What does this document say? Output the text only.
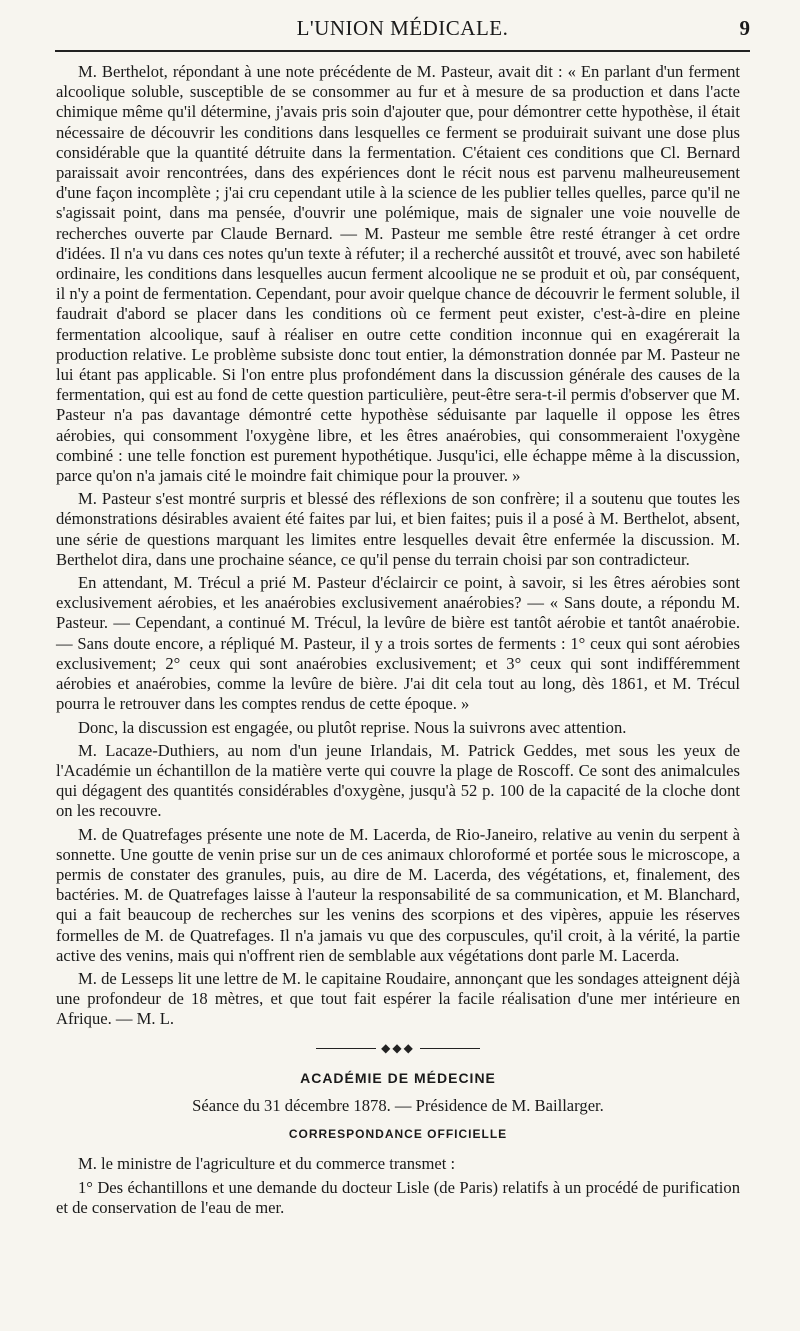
L'UNION MÉDICALE.	9

M. Berthelot, répondant à une note précédente de M. Pasteur, avait dit : « En parlant d'un ferment alcoolique soluble, susceptible de se consommer au fur et à mesure de sa production et dans l'acte chimique même qu'il détermine, j'avais pris soin d'ajouter que, pour démontrer cette hypothèse, il était nécessaire de découvrir les conditions dans lesquelles ce ferment se produirait suivant une dose plus considérable que la quantité détruite dans la fermentation. C'étaient ces conditions que Cl. Bernard paraissait avoir rencontrées, dans des expériences dont le récit nous est parvenu malheureusement d'une façon incomplète ; j'ai cru cependant utile à la science de les publier telles quelles, parce qu'il ne s'agissait point, dans ma pensée, d'ouvrir une polémique, mais de signaler une voie nouvelle de recherches ouverte par Claude Bernard. — M. Pasteur me semble être resté étranger à cet ordre d'idées. Il n'a vu dans ces notes qu'un texte à réfuter; il a recherché aussitôt et trouvé, avec son habileté ordinaire, les conditions dans lesquelles aucun ferment alcoolique ne se produit et où, par conséquent, il n'y a point de fermentation. Cependant, pour avoir quelque chance de découvrir le ferment soluble, il faudrait d'abord se placer dans les conditions où ce ferment peut exister, c'est-à-dire en pleine fermentation alcoolique, sauf à réaliser en outre cette condition inconnue qui en exagérerait la production relative. Le problème subsiste donc tout entier, la démonstration donnée par M. Pasteur ne lui étant pas applicable. Si l'on entre plus profondément dans la discussion générale des causes de la fermentation, qui est au fond de cette question particulière, peut-être sera-t-il permis d'observer que M. Pasteur n'a pas davantage démontré cette hypothèse séduisante par laquelle il oppose les êtres aérobies, qui consomment l'oxygène libre, et les êtres anaérobies, qui consommeraient l'oxygène combiné : une telle fonction est purement hypothétique. Jusqu'ici, elle échappe même à la discussion, parce qu'on n'a jamais cité le moindre fait chimique pour la prouver. »

M. Pasteur s'est montré surpris et blessé des réflexions de son confrère; il a soutenu que toutes les démonstrations désirables avaient été faites par lui, et bien faites; puis il a posé à M. Berthelot, absent, une série de questions marquant les limites entre lesquelles devait être enfermée la discussion. M. Berthelot dira, dans une prochaine séance, ce qu'il pense du terrain choisi par son contradicteur.

En attendant, M. Trécul a prié M. Pasteur d'éclaircir ce point, à savoir, si les êtres aérobies sont exclusivement aérobies, et les anaérobies exclusivement anaérobies? — « Sans doute, a répondu M. Pasteur. — Cependant, a continué M. Trécul, la levûre de bière est tantôt aérobie et tantôt anaérobie. — Sans doute encore, a répliqué M. Pasteur, il y a trois sortes de ferments : 1° ceux qui sont aérobies exclusivement; 2° ceux qui sont anaérobies exclusivement; et 3° ceux qui sont indifféremment aérobies et anaérobies, comme la levûre de bière. J'ai dit cela tout au long, dès 1861, et M. Trécul pourra le retrouver dans les comptes rendus de cette époque. »

Donc, la discussion est engagée, ou plutôt reprise. Nous la suivrons avec attention.

M. Lacaze-Duthiers, au nom d'un jeune Irlandais, M. Patrick Geddes, met sous les yeux de l'Académie un échantillon de la matière verte qui couvre la plage de Roscoff. Ce sont des animalcules qui dégagent des quantités considérables d'oxygène, jusqu'à 52 p. 100 de la capacité de la cloche dont on les recouvre.

M. de Quatrefages présente une note de M. Lacerda, de Rio-Janeiro, relative au venin du serpent à sonnette. Une goutte de venin prise sur un de ces animaux chloroformé et portée sous le microscope, a permis de constater des granules, puis, au dire de M. Lacerda, des végétations, et, finalement, des bactéries. M. de Quatrefages laisse à l'auteur la responsabilité de sa communication, et M. Blanchard, qui a fait beaucoup de recherches sur les venins des scorpions et des vipères, appuie les réserves formelles de M. de Quatrefages. Il n'a jamais vu que des corpuscules, qu'il croit, à la vérité, la partie active des venins, mais qui n'offrent rien de semblable aux végétations dont parle M. Lacerda.

M. de Lesseps lit une lettre de M. le capitaine Roudaire, annonçant que les sondages atteignent déjà une profondeur de 18 mètres, et que tout fait espérer la facile réalisation d'une mer intérieure en Afrique. — M. L.

◆◆◆
ACADÉMIE DE MÉDECINE
Séance du 31 décembre 1878. — Présidence de M. Baillarger.
CORRESPONDANCE OFFICIELLE

M. le ministre de l'agriculture et du commerce transmet :

1° Des échantillons et une demande du docteur Lisle (de Paris) relatifs à un procédé de purification et de conservation de l'eau de mer.
